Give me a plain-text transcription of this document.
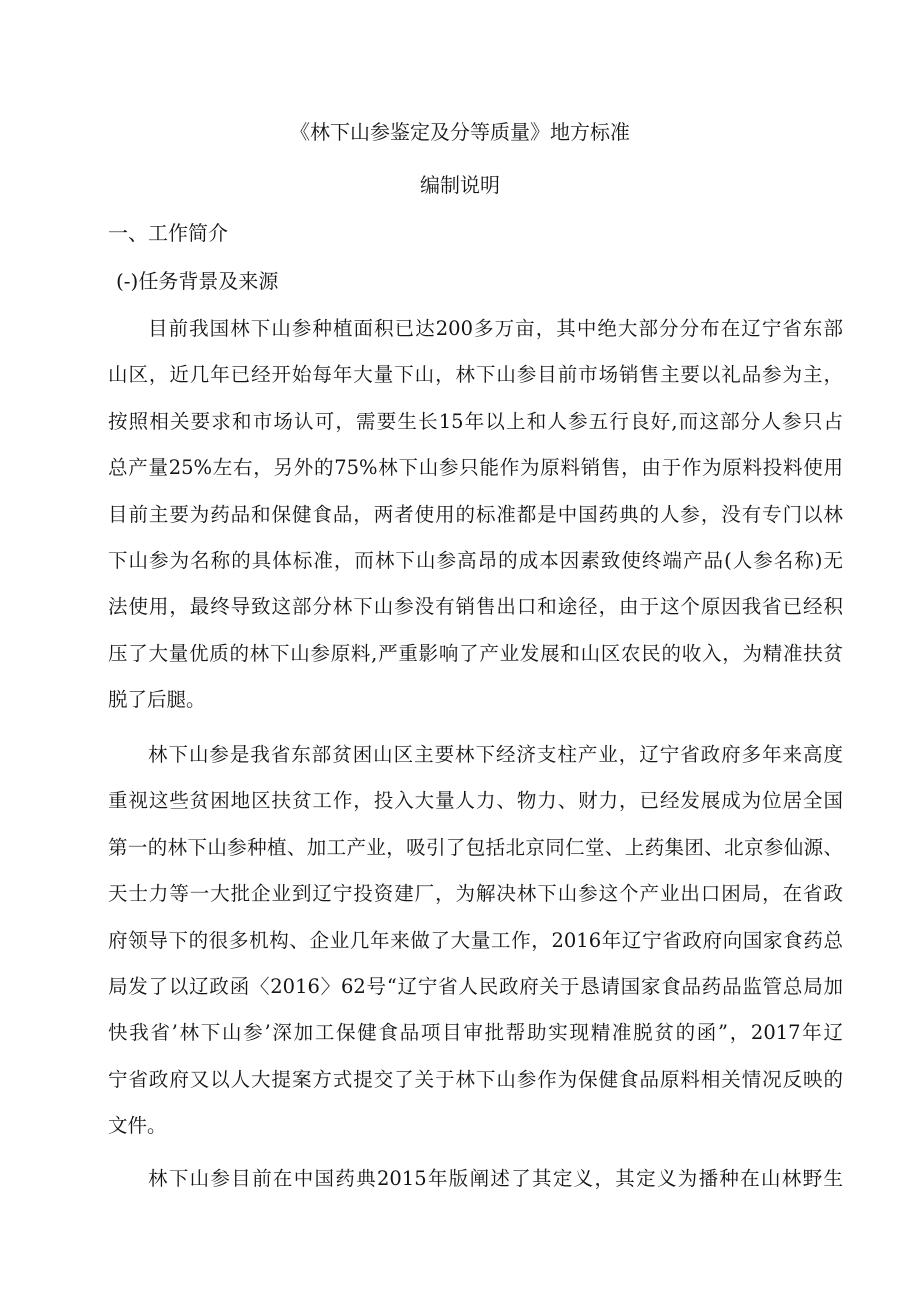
《林下山参鉴定及分等质量》地方标准
编制说明
一、工作简介
(-)任务背景及来源
目前我国林下山参种植面积已达200多万亩，其中绝大部分分布在辽宁省东部
山区，近几年已经开始每年大量下山，林下山参目前市场销售主要以礼品参为主，
按照相关要求和市场认可，需要生长15年以上和人参五行良好,而这部分人参只占
总产量25%左右，另外的75%林下山参只能作为原料销售，由于作为原料投料使用
目前主要为药品和保健食品，两者使用的标准都是中国药典的人参，没有专门以林
下山参为名称的具体标准，而林下山参高昂的成本因素致使终端产品(人参名称)无
法使用，最终导致这部分林下山参没有销售出口和途径，由于这个原因我省已经积
压了大量优质的林下山参原料,严重影响了产业发展和山区农民的收入，为精准扶贫
脱了后腿。
林下山参是我省东部贫困山区主要林下经济支柱产业，辽宁省政府多年来高度
重视这些贫困地区扶贫工作，投入大量人力、物力、财力，已经发展成为位居全国
第一的林下山参种植、加工产业，吸引了包括北京同仁堂、上药集团、北京参仙源、
天士力等一大批企业到辽宁投资建厂，为解决林下山参这个产业出口困局，在省政
府领导下的很多机构、企业几年来做了大量工作，2016年辽宁省政府向国家食药总
局发了以辽政函〈2016〉62号“辽宁省人民政府关于恳请国家食品药品监管总局加
快我省’林下山参’深加工保健食品项目审批帮助实现精准脱贫的函”，2017年辽
宁省政府又以人大提案方式提交了关于林下山参作为保健食品原料相关情况反映的
文件。
林下山参目前在中国药典2015年版阐述了其定义，其定义为播种在山林野生
